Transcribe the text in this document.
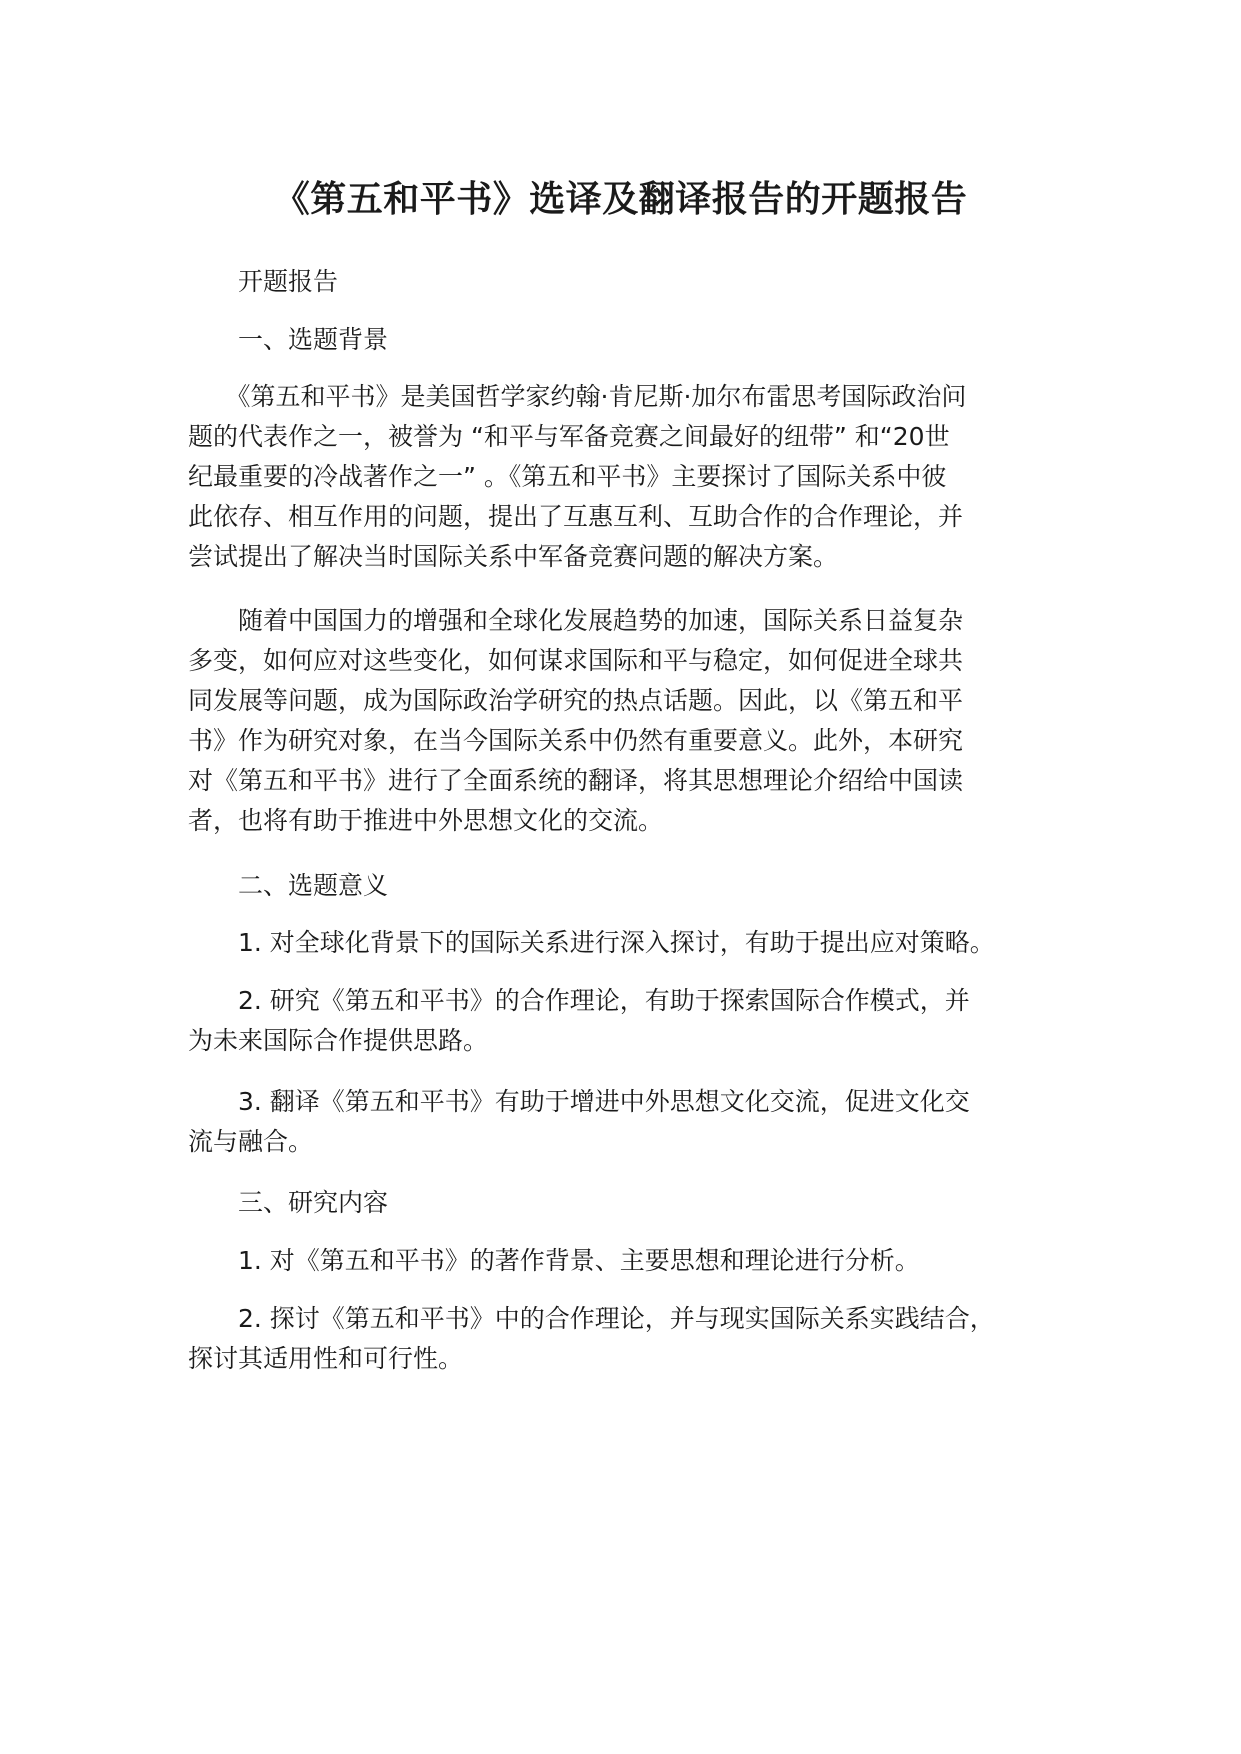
《第五和平书》选译及翻译报告的开题报告
　　开题报告
　　一、选题背景
　　《第五和平书》是美国哲学家约翰·肯尼斯·加尔布雷思考国际政治问
题的代表作之一，被誉为 “和平与军备竞赛之间最好的纽带” 和“20世
纪最重要的冷战著作之一” 。《第五和平书》主要探讨了国际关系中彼
此依存、相互作用的问题，提出了互惠互利、互助合作的合作理论，并
尝试提出了解决当时国际关系中军备竞赛问题的解决方案。
　　随着中国国力的增强和全球化发展趋势的加速，国际关系日益复杂
多变，如何应对这些变化，如何谋求国际和平与稳定，如何促进全球共
同发展等问题，成为国际政治学研究的热点话题。因此，以《第五和平
书》作为研究对象，在当今国际关系中仍然有重要意义。此外，本研究
对《第五和平书》进行了全面系统的翻译，将其思想理论介绍给中国读
者，也将有助于推进中外思想文化的交流。
　　二、选题意义
　　1. 对全球化背景下的国际关系进行深入探讨，有助于提出应对策略。
　　2. 研究《第五和平书》的合作理论，有助于探索国际合作模式，并
为未来国际合作提供思路。
　　3. 翻译《第五和平书》有助于增进中外思想文化交流，促进文化交
流与融合。
　　三、研究内容
　　1. 对《第五和平书》的著作背景、主要思想和理论进行分析。
　　2. 探讨《第五和平书》中的合作理论，并与现实国际关系实践结合，
探讨其适用性和可行性。
